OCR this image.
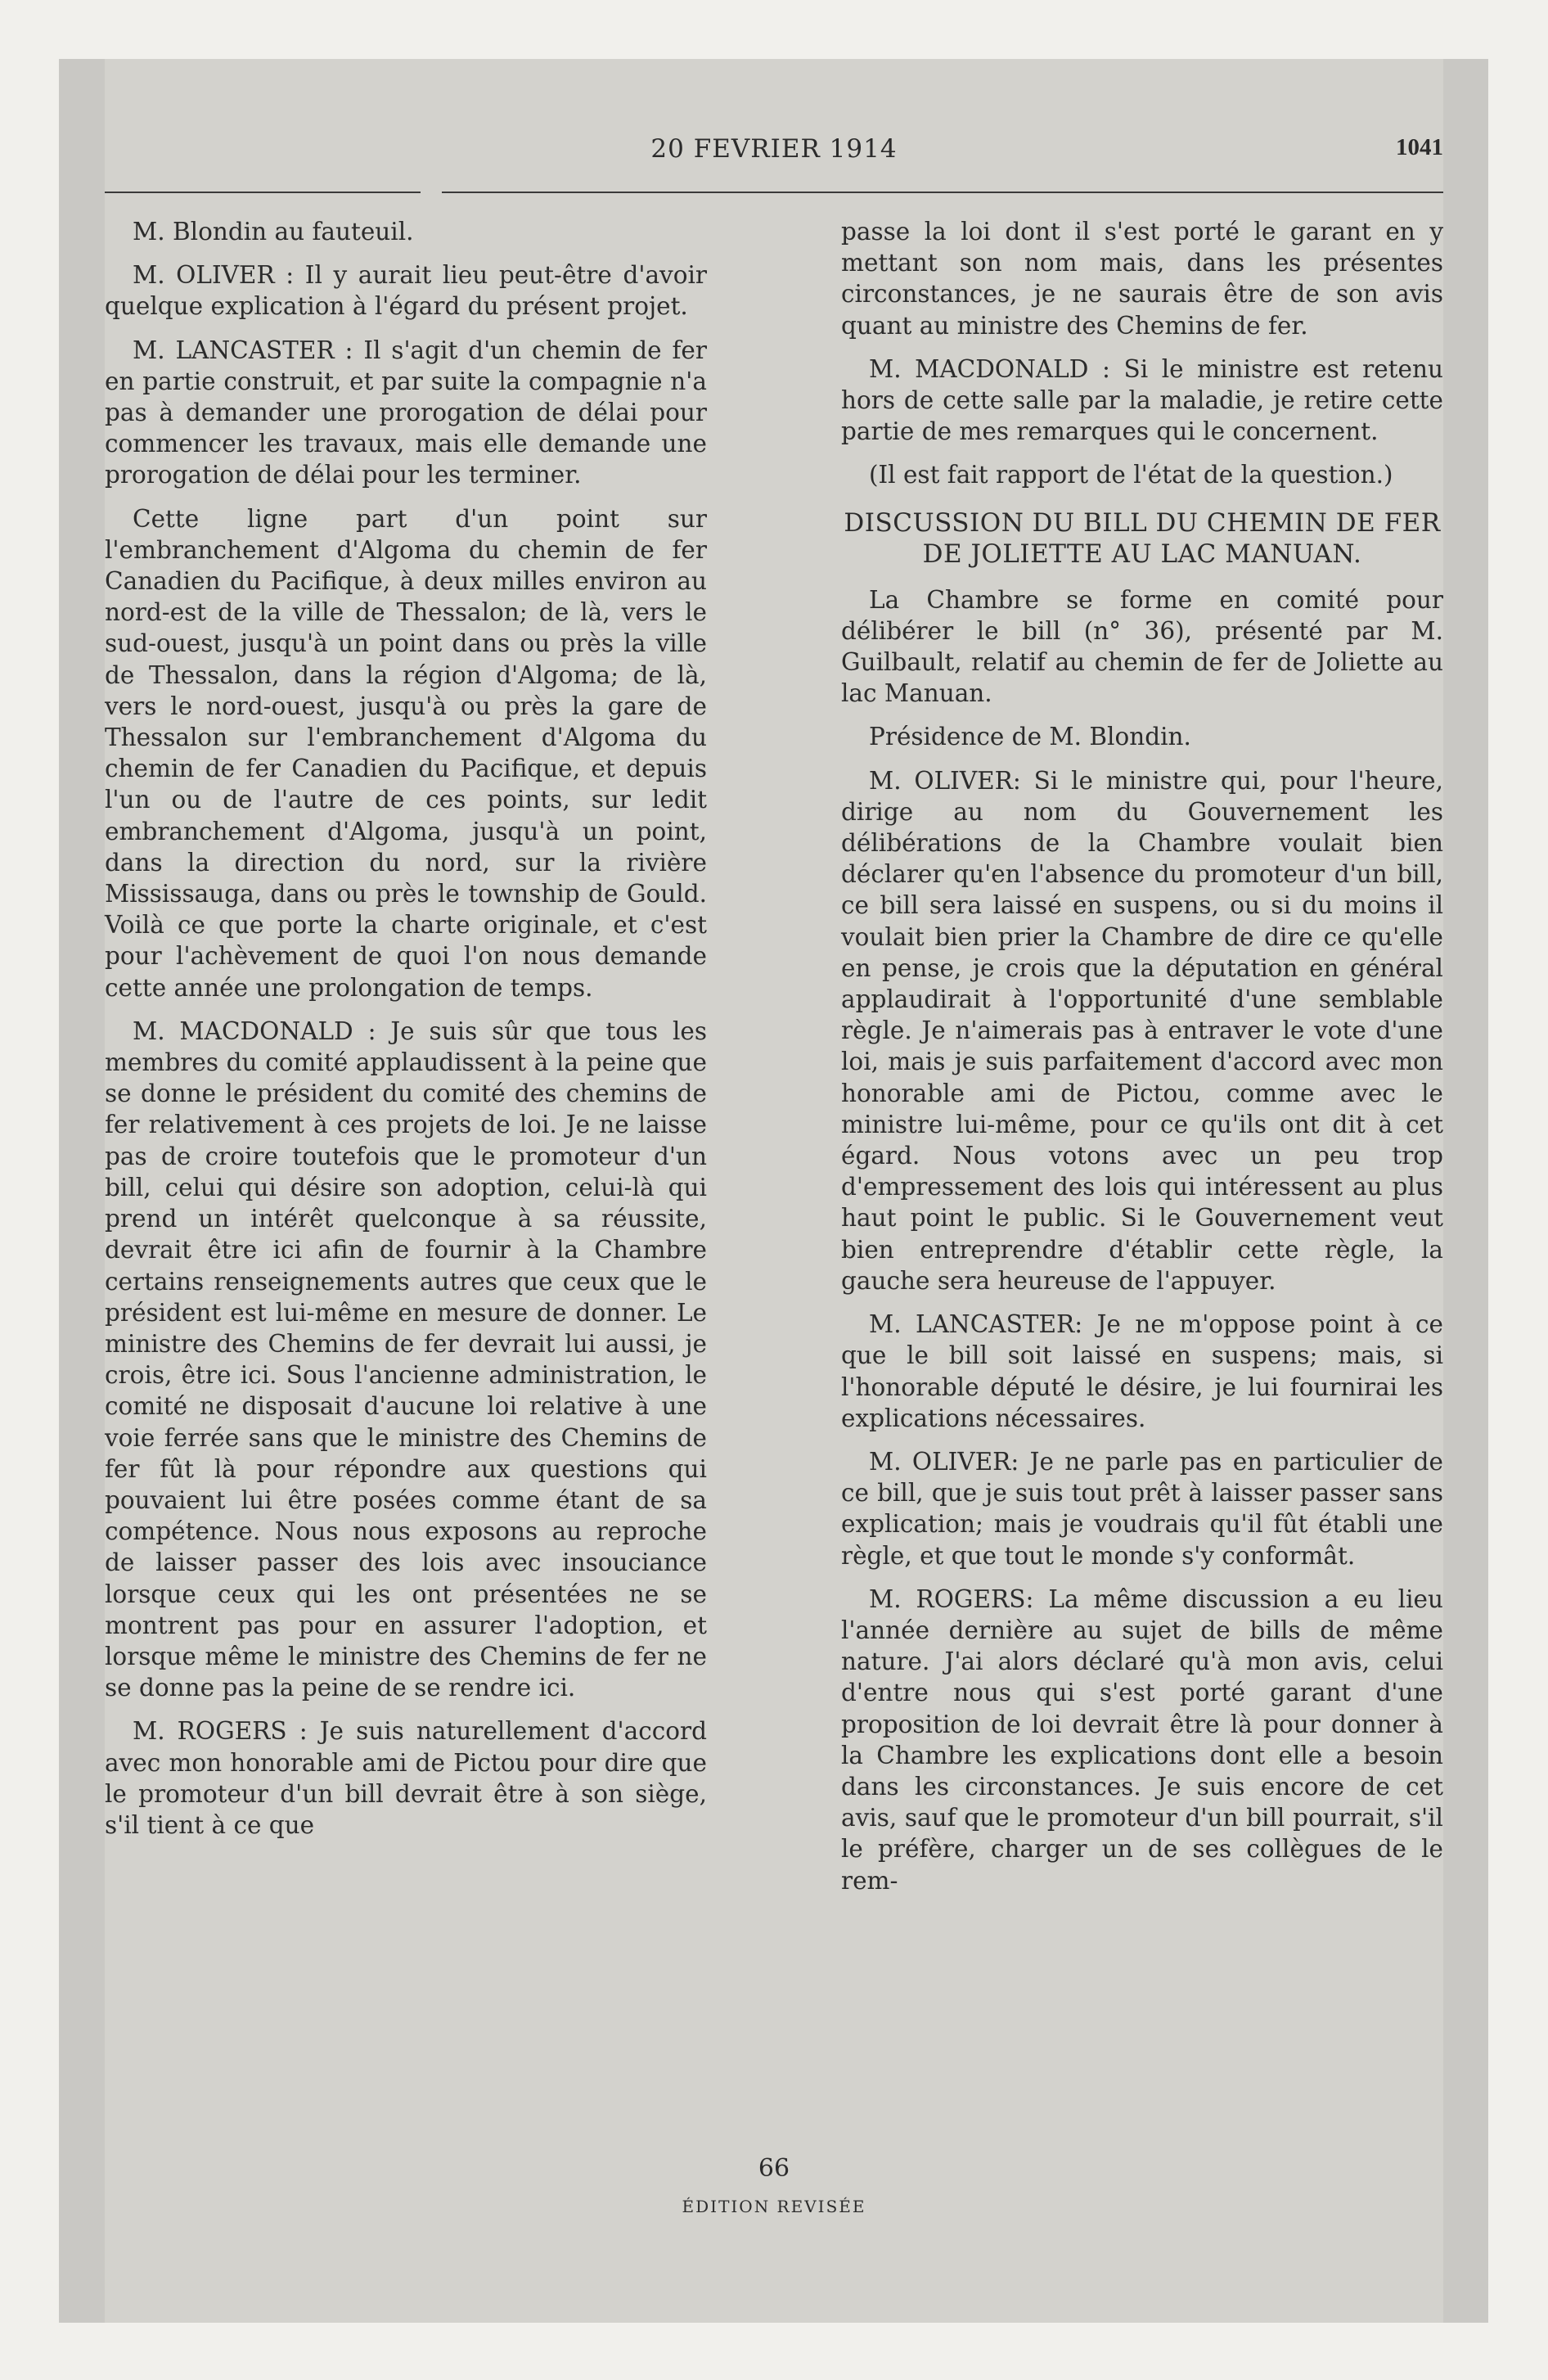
20 FEVRIER 1914	1041

M. Blondin au fauteuil.

M. OLIVER : Il y aurait lieu peut-être d'avoir quelque explication à l'égard du présent projet.

M. LANCASTER : Il s'agit d'un chemin de fer en partie construit, et par suite la compagnie n'a pas à demander une prorogation de délai pour commencer les travaux, mais elle demande une prorogation de délai pour les terminer.

Cette ligne part d'un point sur l'embranchement d'Algoma du chemin de fer Canadien du Pacifique, à deux milles environ au nord-est de la ville de Thessalon; de là, vers le sud-ouest, jusqu'à un point dans ou près la ville de Thessalon, dans la région d'Algoma; de là, vers le nord-ouest, jusqu'à ou près la gare de Thessalon sur l'embranchement d'Algoma du chemin de fer Canadien du Pacifique, et depuis l'un ou de l'autre de ces points, sur ledit embranchement d'Algoma, jusqu'à un point, dans la direction du nord, sur la rivière Mississauga, dans ou près le township de Gould. Voilà ce que porte la charte originale, et c'est pour l'achèvement de quoi l'on nous demande cette année une prolongation de temps.

M. MACDONALD : Je suis sûr que tous les membres du comité applaudissent à la peine que se donne le président du comité des chemins de fer relativement à ces projets de loi. Je ne laisse pas de croire toutefois que le promoteur d'un bill, celui qui désire son adoption, celui-là qui prend un intérêt quelconque à sa réussite, devrait être ici afin de fournir à la Chambre certains renseignements autres que ceux que le président est lui-même en mesure de donner. Le ministre des Chemins de fer devrait lui aussi, je crois, être ici. Sous l'ancienne administration, le comité ne disposait d'aucune loi relative à une voie ferrée sans que le ministre des Chemins de fer fût là pour répondre aux questions qui pouvaient lui être posées comme étant de sa compétence. Nous nous exposons au reproche de laisser passer des lois avec insouciance lorsque ceux qui les ont présentées ne se montrent pas pour en assurer l'adoption, et lorsque même le ministre des Chemins de fer ne se donne pas la peine de se rendre ici.

M. ROGERS : Je suis naturellement d'accord avec mon honorable ami de Pictou pour dire que le promoteur d'un bill devrait être à son siège, s'il tient à ce que

passe la loi dont il s'est porté le garant en y mettant son nom mais, dans les présentes circonstances, je ne saurais être de son avis quant au ministre des Chemins de fer.

M. MACDONALD : Si le ministre est retenu hors de cette salle par la maladie, je retire cette partie de mes remarques qui le concernent.

(Il est fait rapport de l'état de la question.)

DISCUSSION DU BILL DU CHEMIN DE FER DE JOLIETTE AU LAC MANUAN.

La Chambre se forme en comité pour délibérer le bill (n° 36), présenté par M. Guilbault, relatif au chemin de fer de Joliette au lac Manuan.

Présidence de M. Blondin.

M. OLIVER: Si le ministre qui, pour l'heure, dirige au nom du Gouvernement les délibérations de la Chambre voulait bien déclarer qu'en l'absence du promoteur d'un bill, ce bill sera laissé en suspens, ou si du moins il voulait bien prier la Chambre de dire ce qu'elle en pense, je crois que la députation en général applaudirait à l'opportunité d'une semblable règle. Je n'aimerais pas à entraver le vote d'une loi, mais je suis parfaitement d'accord avec mon honorable ami de Pictou, comme avec le ministre lui-même, pour ce qu'ils ont dit à cet égard. Nous votons avec un peu trop d'empressement des lois qui intéressent au plus haut point le public. Si le Gouvernement veut bien entreprendre d'établir cette règle, la gauche sera heureuse de l'appuyer.

M. LANCASTER: Je ne m'oppose point à ce que le bill soit laissé en suspens; mais, si l'honorable député le désire, je lui fournirai les explications nécessaires.

M. OLIVER: Je ne parle pas en particulier de ce bill, que je suis tout prêt à laisser passer sans explication; mais je voudrais qu'il fût établi une règle, et que tout le monde s'y conformât.

M. ROGERS: La même discussion a eu lieu l'année dernière au sujet de bills de même nature. J'ai alors déclaré qu'à mon avis, celui d'entre nous qui s'est porté garant d'une proposition de loi devrait être là pour donner à la Chambre les explications dont elle a besoin dans les circonstances. Je suis encore de cet avis, sauf que le promoteur d'un bill pourrait, s'il le préfère, charger un de ses collègues de le rem-

66
ÉDITION REVISÉE
